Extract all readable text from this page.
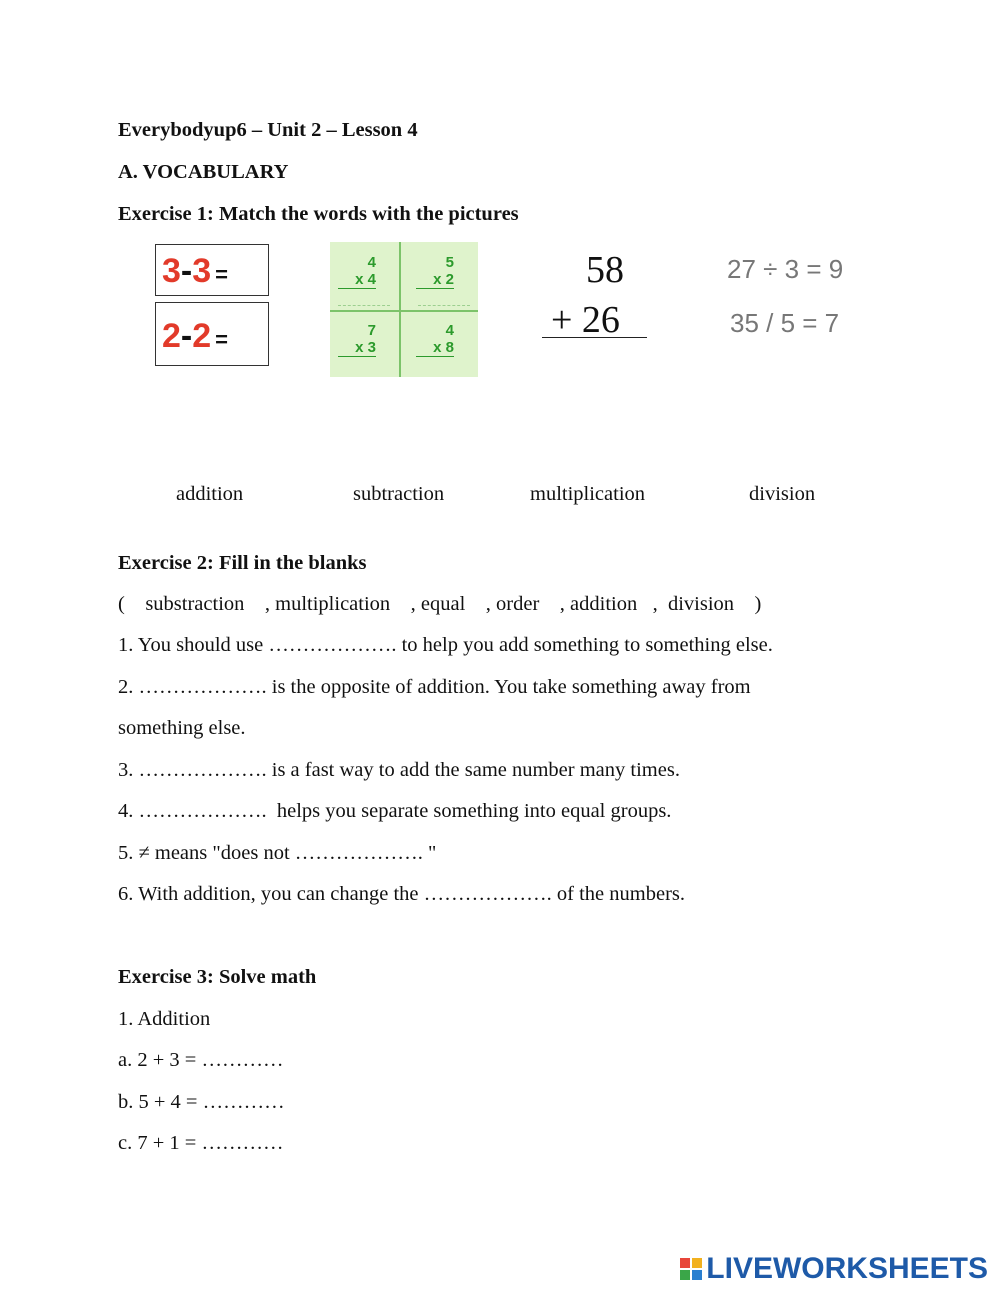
Everybodyup6 – Unit 2 – Lesson 4
A. VOCABULARY
Exercise 1: Match the words with the pictures
3-3 =
2-2 =
4
x 4
5
x 2
7
x 3
4
x 8
58
+ 26
27 ÷ 3 = 9
35 / 5 = 7
addition	subtraction	multiplication	division
Exercise 2: Fill in the blanks
(    substraction    , multiplication    , equal    , order    , addition   ,  division    )
1. You should use ………………. to help you add something to something else.
2. ………………. is the opposite of addition. You take something away from
something else.
3. ………………. is a fast way to add the same number many times.
4. ……………….  helps you separate something into equal groups.
5. ≠ means "does not ………………. "
6. With addition, you can change the ………………. of the numbers.
Exercise 3: Solve math
1. Addition
a. 2 + 3 = …………
b. 5 + 4 = …………
c. 7 + 1 = …………
LIVEWORKSHEETS
